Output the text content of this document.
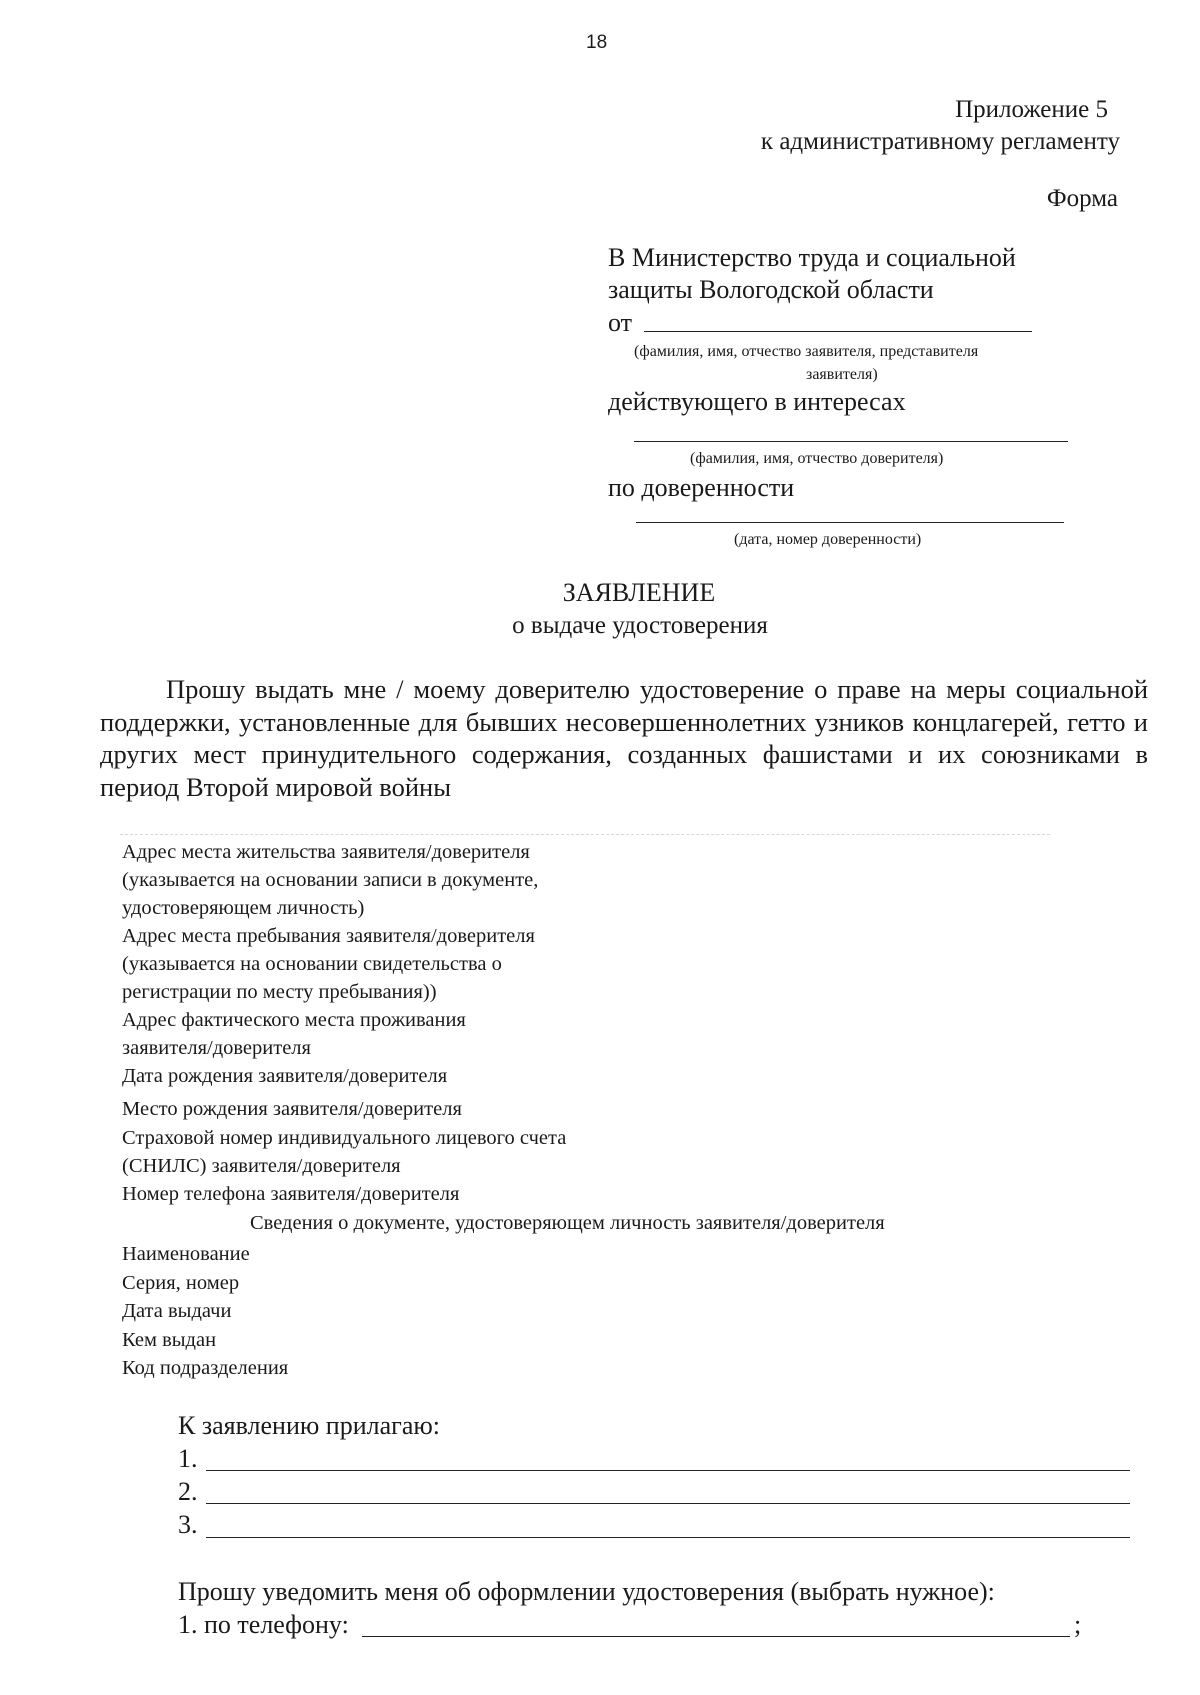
18
Приложение 5
к административному регламенту
Форма
В Министерство труда и социальной
защиты Вологодской области
от
(фамилия, имя, отчество заявителя, представителя
заявителя)
действующего в интересах
(фамилия, имя, отчество доверителя)
по доверенности
(дата, номер доверенности)
ЗАЯВЛЕНИЕ
о выдаче удостоверения
Прошу выдать мне / моему доверителю удостоверение о праве на меры социальной поддержки, установленные для бывших несовершеннолетних узников концлагерей, гетто и других мест принудительного содержания, созданных фашистами и их союзниками в период Второй мировой войны
Адрес места жительства заявителя/доверителя
(указывается на основании записи в документе,
удостоверяющем личность)
Адрес места пребывания заявителя/доверителя
(указывается на основании свидетельства о
регистрации по месту пребывания))
Адрес фактического места проживания
заявителя/доверителя
Дата рождения заявителя/доверителя
Место рождения заявителя/доверителя
Страховой номер индивидуального лицевого счета
(СНИЛС) заявителя/доверителя
Номер телефона заявителя/доверителя
Сведения о документе, удостоверяющем личность заявителя/доверителя
Наименование
Серия, номер
Дата выдачи
Кем выдан
Код подразделения
К заявлению прилагаю:
1.
2.
3.
Прошу уведомить меня об оформлении удостоверения (выбрать нужное):
1. по телефону:	;
